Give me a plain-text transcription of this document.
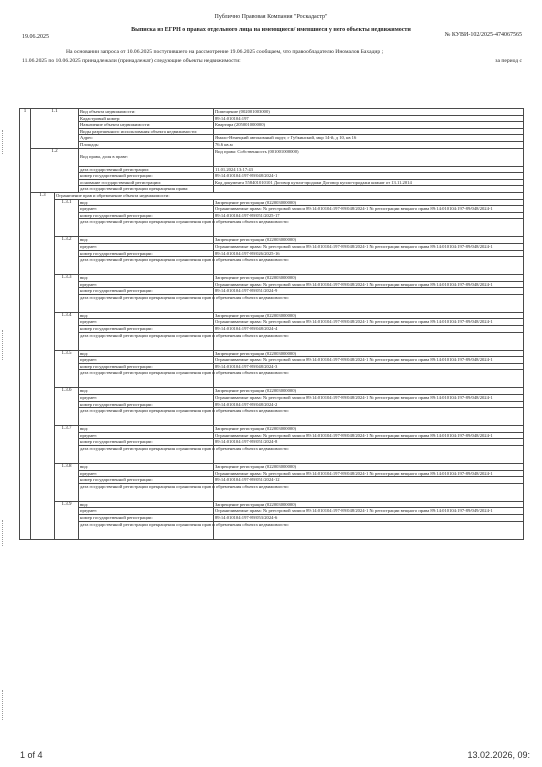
Публично Правовая Компания "Роскадастр"
Выписка из ЕГРН о правах отдельного лица на имеющиеся/ имевшиеся у него объекты недвижимости
19.06.2025	№ КУВИ-102/2025-474067565
На основании запроса от 10.06.2025 поступившего на рассмотрение 19.06.2025 сообщаем, что правообладателю Иномалов Бахадир ;
11.06.2025 по 10.06.2025 принадлежали (принадлежат) следующие объекты недвижимости:	за период с
1	1.1		Вид объекта недвижимости:	Помещение (002001003000)
			Кадастровый номер:	89:14:010104:197
			Назначение объекта недвижимости:	Квартира (205001000000)
			Виды разрешенного использования объекта недвижимости:	
			Адрес:	Ямало-Ненецкий автономный округ, г Губкинский, мкр 14-й, д 10, кв 16
			Площадь:	76.6 кв.м
	1.2		Вид права, доля в праве:	Вид права: Собственность (001001000000)
			дата государственной регистрации:	11.01.2024 13:17:43
			номер государственной регистрации:	89:14:010104:197-89/048/2024-1
			основание государственной регистрации:	Код документа 558401010101 Договор купли-продажи Договор купли-продажи комнат от 13.11.2014
			дата государственной регистрации прекращения права:	
	1.3	Ограничение прав и обременение объекта недвижимости:		
		1.3.1	вид:	Запрещение регистрации (022003000000)
			предмет:	Ограничиваемые права: № реестровой записи 89:14:010104:197-89/048/2024-1 № регистрации вещного права 89:14:010104:197-89/048/2024-1
			номер государственной регистрации:	89:14:010104:197-89/051/2025-17
			дата государственной регистрации прекращения ограничения прав и обременения объекта недвижимости:	
		1.3.2	вид:	Запрещение регистрации (022003000000)
			предмет:	Ограничиваемые права: № реестровой записи 89:14:010104:197-89/048/2024-1 № регистрации вещного права 89:14:010104:197-89/048/2024-1
			номер государственной регистрации:	89:14:010104:197-89/026/2025-16
			дата государственной регистрации прекращения ограничения прав и обременения объекта недвижимости:	
		1.3.3	вид:	Запрещение регистрации (022003000000)
			предмет:	Ограничиваемые права: № реестровой записи 89:14:010104:197-89/048/2024-1 № регистрации вещного права 89:14:010104:197-89/048/2024-1
			номер государственной регистрации:	89:14:010104:197-89/051/2024-9
			дата государственной регистрации прекращения ограничения прав и обременения объекта недвижимости:	
		1.3.4	вид:	Запрещение регистрации (022003000000)
			предмет:	Ограничиваемые права: № реестровой записи 89:14:010104:197-89/048/2024-1 № регистрации вещного права 89:14:010104:197-89/048/2024-1
			номер государственной регистрации:	89:14:010104:197-89/048/2024-4
			дата государственной регистрации прекращения ограничения прав и обременения объекта недвижимости:	
		1.3.5	вид:	Запрещение регистрации (022003000000)
			предмет:	Ограничиваемые права: № реестровой записи 89:14:010104:197-89/048/2024-1 № регистрации вещного права 89:14:010104:197-89/048/2024-1
			номер государственной регистрации:	89:14:010104:197-89/048/2024-3
			дата государственной регистрации прекращения ограничения прав и обременения объекта недвижимости:	
		1.3.6	вид:	Запрещение регистрации (022003000000)
			предмет:	Ограничиваемые права: № реестровой записи 89:14:010104:197-89/048/2024-1 № регистрации вещного права 89:14:010104:197-89/048/2024-1
			номер государственной регистрации:	89:14:010104:197-89/048/2024-2
			дата государственной регистрации прекращения ограничения прав и обременения объекта недвижимости:	
		1.3.7	вид:	Запрещение регистрации (022003000000)
			предмет:	Ограничиваемые права: № реестровой записи 89:14:010104:197-89/048/2024-1 № регистрации вещного права 89:14:010104:197-89/048/2024-1
			номер государственной регистрации:	89:14:010104:197-89/051/2024-8
			дата государственной регистрации прекращения ограничения прав и обременения объекта недвижимости:	
		1.3.8	вид:	Запрещение регистрации (022003000000)
			предмет:	Ограничиваемые права: № реестровой записи 89:14:010104:197-89/048/2024-1 № регистрации вещного права 89:14:010104:197-89/048/2024-1
			номер государственной регистрации:	89:14:010104:197-89/051/2024-12
			дата государственной регистрации прекращения ограничения прав и обременения объекта недвижимости:	
		1.3.9	вид:	Запрещение регистрации (022003000000)
			предмет:	Ограничиваемые права: № реестровой записи 89:14:010104:197-89/048/2024-1 № регистрации вещного права 89:14:010104:197-89/049/2024-1
			номер государственной регистрации:	89:14:010104:197-89/053/2024-6
			дата государственной регистрации прекращения ограничения прав и обременения объекта недвижимости:	
1 of 4	13.02.2026, 09:
